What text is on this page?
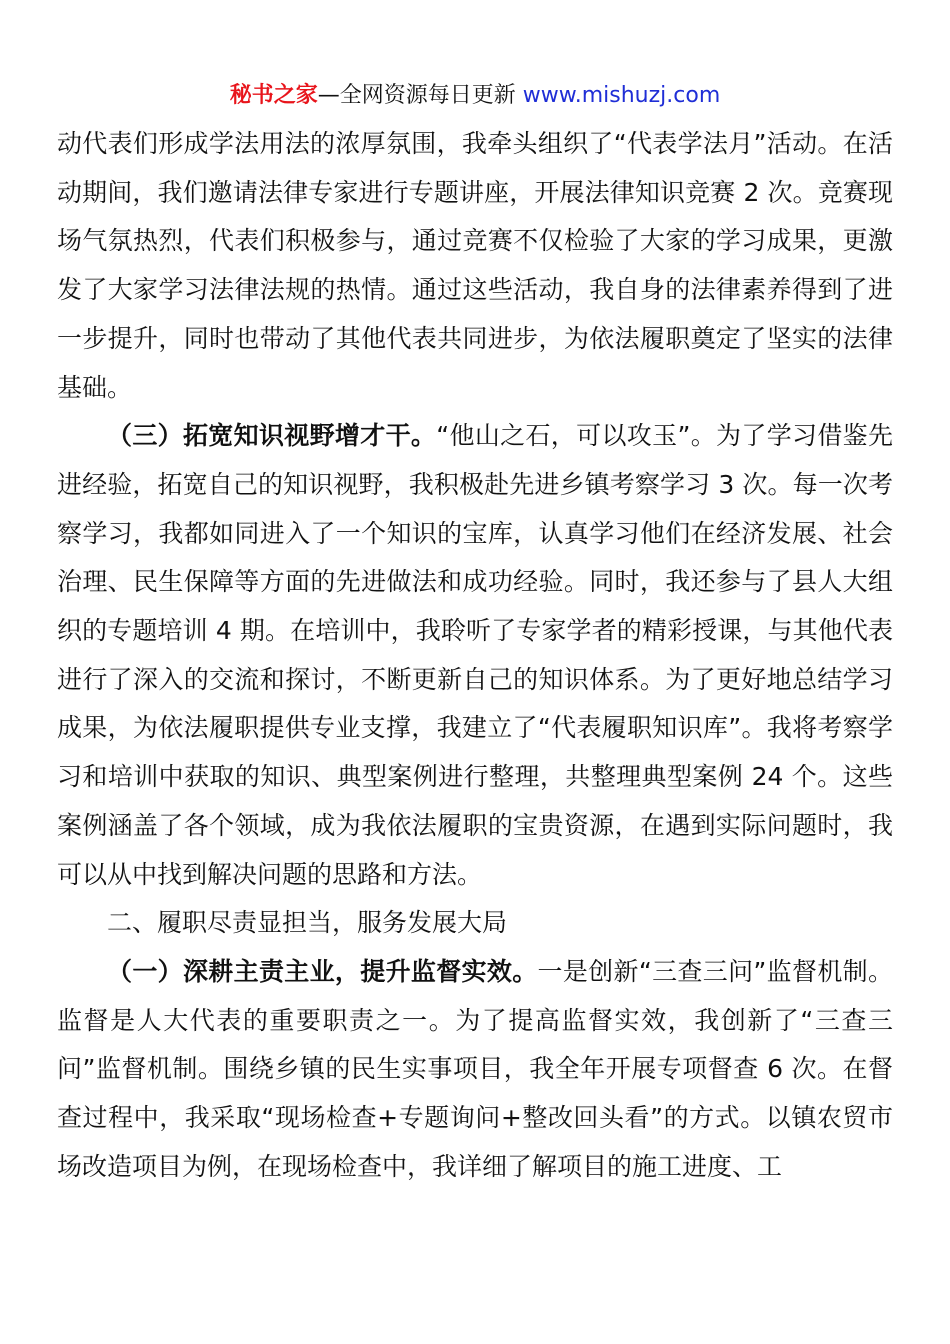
秘书之家—全网资源每日更新 www.mishuzj.com

动代表们形成学法用法的浓厚氛围，我牵头组织了“代表学法月”活动。在活动期间，我们邀请法律专家进行专题讲座，开展法律知识竞赛 2 次。竞赛现场气氛热烈，代表们积极参与，通过竞赛不仅检验了大家的学习成果，更激发了大家学习法律法规的热情。通过这些活动，我自身的法律素养得到了进一步提升，同时也带动了其他代表共同进步，为依法履职奠定了坚实的法律基础。

（三）拓宽知识视野增才干。“他山之石，可以攻玉”。为了学习借鉴先进经验，拓宽自己的知识视野，我积极赴先进乡镇考察学习 3 次。每一次考察学习，我都如同进入了一个知识的宝库，认真学习他们在经济发展、社会治理、民生保障等方面的先进做法和成功经验。同时，我还参与了县人大组织的专题培训 4 期。在培训中，我聆听了专家学者的精彩授课，与其他代表进行了深入的交流和探讨，不断更新自己的知识体系。为了更好地总结学习成果，为依法履职提供专业支撑，我建立了“代表履职知识库”。我将考察学习和培训中获取的知识、典型案例进行整理，共整理典型案例 24 个。这些案例涵盖了各个领域，成为我依法履职的宝贵资源，在遇到实际问题时，我可以从中找到解决问题的思路和方法。

二、履职尽责显担当，服务发展大局

（一）深耕主责主业，提升监督实效。一是创新“三查三问”监督机制。监督是人大代表的重要职责之一。为了提高监督实效，我创新了“三查三问”监督机制。围绕乡镇的民生实事项目，我全年开展专项督查 6 次。在督查过程中，我采取“现场检查+专题询问+整改回头看”的方式。以镇农贸市场改造项目为例，在现场检查中，我详细了解项目的施工进度、工
